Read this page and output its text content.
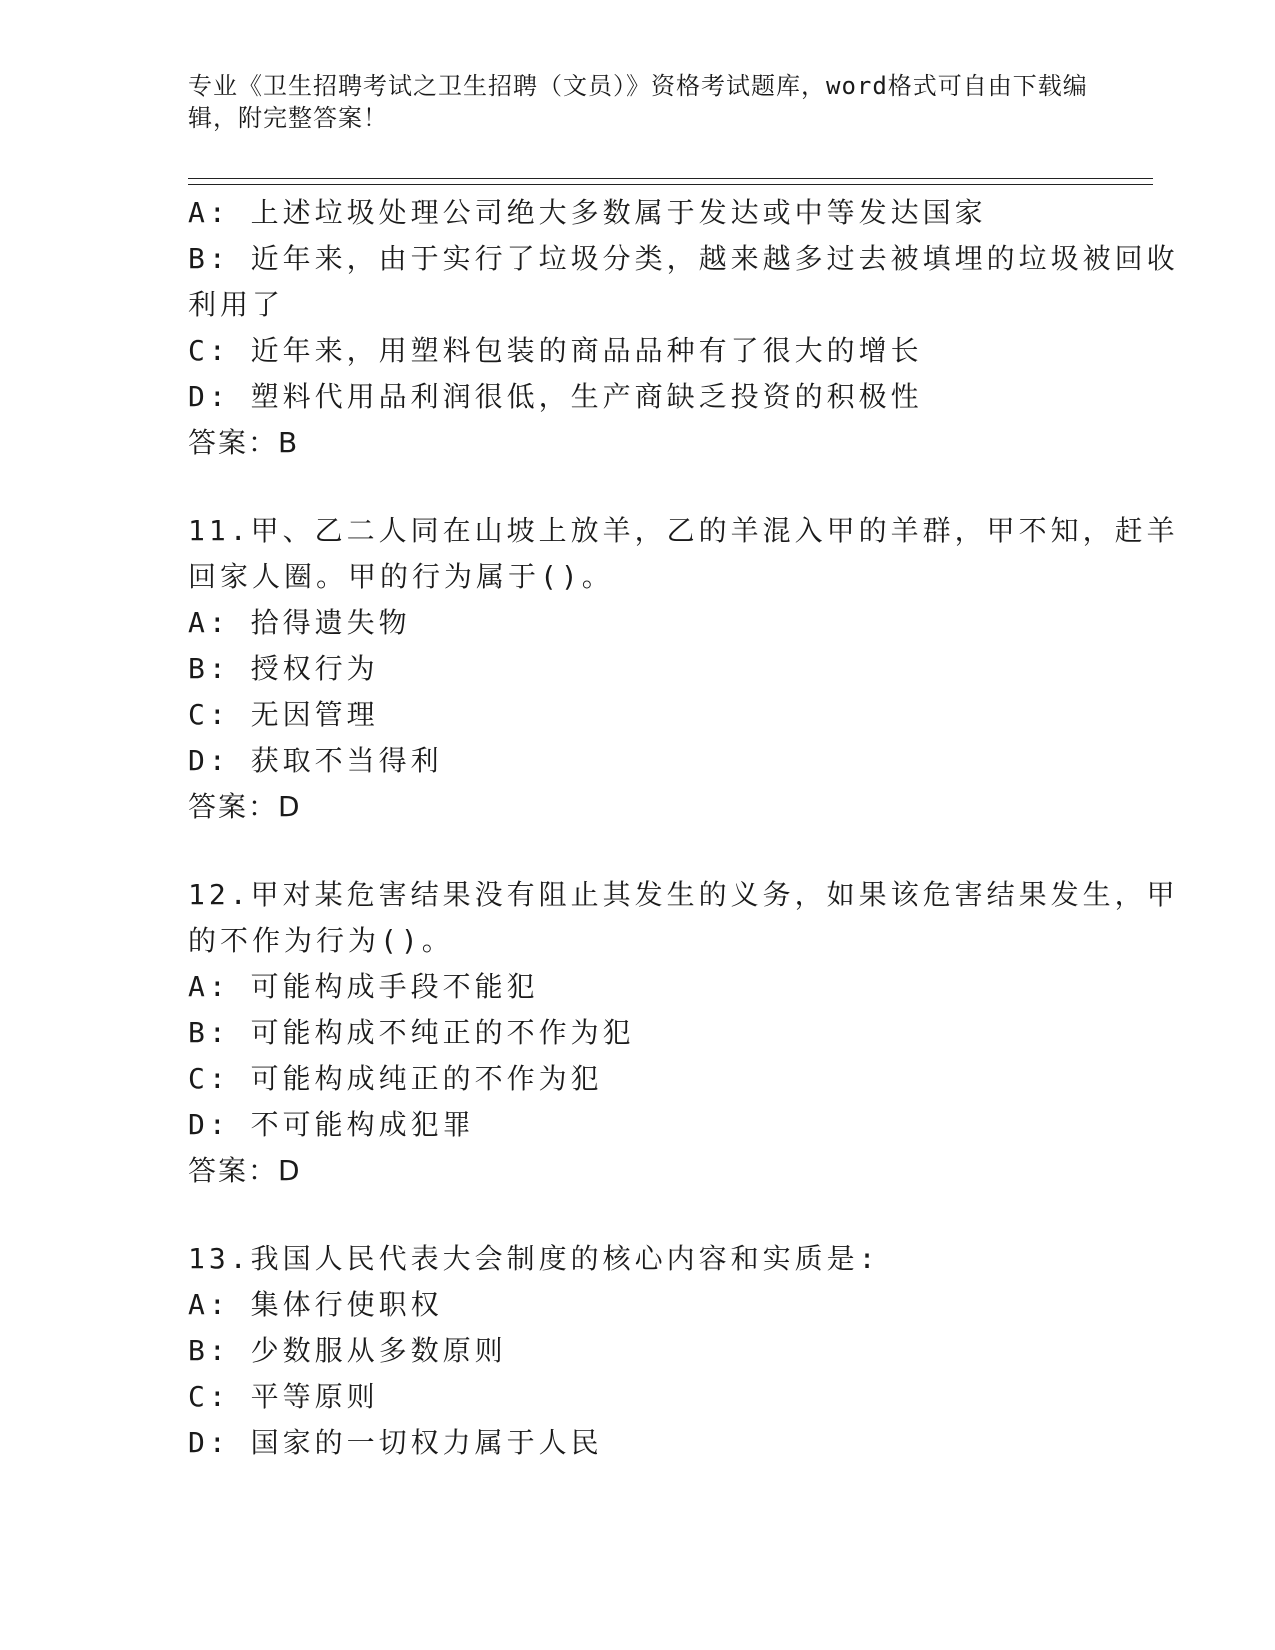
专业《卫生招聘考试之卫生招聘（文员）》资格考试题库，word格式可自由下载编辑，附完整答案！
A: 上述垃圾处理公司绝大多数属于发达或中等发达国家
B: 近年来，由于实行了垃圾分类，越来越多过去被填埋的垃圾被回收
利用了
C: 近年来，用塑料包装的商品品种有了很大的增长
D: 塑料代用品利润很低，生产商缺乏投资的积极性
答案：B
11.甲、乙二人同在山坡上放羊，乙的羊混入甲的羊群，甲不知，赶羊
回家人圈。甲的行为属于()。
A: 拾得遗失物
B: 授权行为
C: 无因管理
D: 获取不当得利
答案：D
12.甲对某危害结果没有阻止其发生的义务，如果该危害结果发生，甲
的不作为行为()。
A: 可能构成手段不能犯
B: 可能构成不纯正的不作为犯
C: 可能构成纯正的不作为犯
D: 不可能构成犯罪
答案：D
13.我国人民代表大会制度的核心内容和实质是:
A: 集体行使职权
B: 少数服从多数原则
C: 平等原则
D: 国家的一切权力属于人民
